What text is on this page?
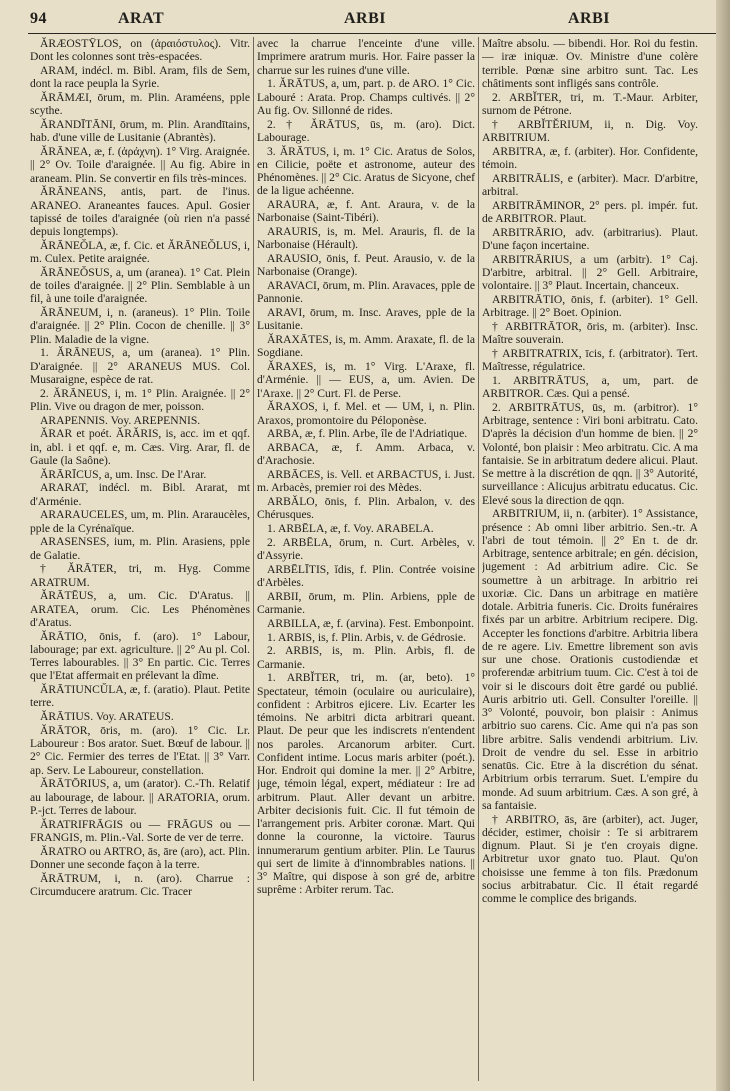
94	ARAT	ARBI	ARBI

ĂRÆOSTȲLOS, on (ἀραιόστυλος). Vitr. Dont les colonnes sont très-espacées.

ARAM, indécl. m. Bibl. Aram, fils de Sem, dont la race peupla la Syrie.

ĂRĀMÆI, ōrum, m. Plin. Araméens, pple scythe.

ĂRANDĪTĀNI, ōrum, m. Plin. Arandītains, hab. d'une ville de Lusitanie (Abrantès).

ĂRĀNEA, æ, f. (ἀράχνη). 1° Virg. Araignée. || 2° Ov. Toile d'araignée. || Au fig. Abire in araneam. Plin. Se convertir en fils très-minces.

ĂRĀNEANS, antis, part. de l'inus. ARANEO. Araneantes fauces. Apul. Gosier tapissé de toiles d'araignée (où rien n'a passé depuis longtemps).

ĂRĀNEŎLA, æ, f. Cic. et ĂRĀNEŎLUS, i, m. Culex. Petite araignée.

ĂRĀNEŎSUS, a, um (aranea). 1° Cat. Plein de toiles d'araignée. || 2° Plin. Semblable à un fil, à une toile d'araignée.

ĂRĀNEUM, i, n. (araneus). 1° Plin. Toile d'araignée. || 2° Plin. Cocon de chenille. || 3° Plin. Maladie de la vigne.

1. ĂRĀNEUS, a, um (aranea). 1° Plin. D'araignée. || 2° ARANEUS MUS. Col. Musaraigne, espèce de rat.

2. ĂRĀNEUS, i, m. 1° Plin. Araignée. || 2° Plin. Vive ou dragon de mer, poisson.

ARAPENNIS. Voy. AREPENNIS.

ĂRAR et poét. ĂRĂRIS, is, acc. im et qqf. in, abl. i et qqf. e, m. Cæs. Virg. Arar, fl. de Gaule (la Saône).

ĂRĀRĪCUS, a, um. Insc. De l'Arar.

ARARAT, indécl. m. Bibl. Ararat, mt d'Arménie.

ARARAUCELES, um, m. Plin. Araraucèles, pple de la Cyrénaïque.

ARASENSES, ium, m. Plin. Arasiens, pple de Galatie.

† ĂRĀTER, tri, m. Hyg. Comme ARATRUM.

ĂRĀTĒUS, a, um. Cic. D'Aratus. || ARATEA, orum. Cic. Les Phénomènes d'Aratus.

ĂRĀTIO, ōnis, f. (aro). 1° Labour, labourage; par ext. agriculture. || 2° Au pl. Col. Terres labourables. || 3° En partic. Cic. Terres que l'Etat affermait en prélevant la dîme.

ĂRĀTIUNCŬLA, æ, f. (aratio). Plaut. Petite terre.

ĂRĀTIUS. Voy. ARATEUS.

ĂRĀTOR, ōris, m. (aro). 1° Cic. Lr. Laboureur : Bos arator. Suet. Bœuf de labour. || 2° Cic. Fermier des terres de l'Etat. || 3° Varr. ap. Serv. Le Laboureur, constellation.

ĂRĀTŌRIUS, a, um (arator). C.-Th. Relatif au labourage, de labour. || ARATORIA, orum. P.-jct. Terres de labour.

ĂRATRIFRĀGIS ou — FRĀGUS ou — FRANGIS, m. Plin.-Val. Sorte de ver de terre.

ĂRATRO ou ARTRO, ās, āre (aro), act. Plin. Donner une seconde façon à la terre.

ĂRĀTRUM, i, n. (aro). Charrue : Circumducere aratrum. Cic. Tracer

avec la charrue l'enceinte d'une ville. Imprimere aratrum muris. Hor. Faire passer la charrue sur les ruines d'une ville.

1. ĂRĀTUS, a, um, part. p. de ARO. 1° Cic. Labouré : Arata. Prop. Champs cultivés. || 2° Au fig. Ov. Sillonné de rides.

2. † ĂRĀTUS, ūs, m. (aro). Dict. Labourage.

3. ĂRĀTUS, i, m. 1° Cic. Aratus de Solos, en Cilicie, poëte et astronome, auteur des Phénomènes. || 2° Cic. Aratus de Sicyone, chef de la ligue achéenne.

ARAURA, æ, f. Ant. Araura, v. de la Narbonaise (Saint-Tibéri).

ARAURIS, is, m. Mel. Arauris, fl. de la Narbonaise (Hérault).

ARAUSIO, ōnis, f. Peut. Arausio, v. de la Narbonaise (Orange).

ARAVACI, ōrum, m. Plin. Aravaces, pple de Pannonie.

ARAVI, ōrum, m. Insc. Araves, pple de la Lusitanie.

ĂRAXĀTES, is, m. Amm. Araxate, fl. de la Sogdiane.

ĂRAXES, is, m. 1° Virg. L'Araxe, fl. d'Arménie. || — EUS, a, um. Avien. De l'Araxe. || 2° Curt. Fl. de Perse.

ĂRAXOS, i, f. Mel. et — UM, i, n. Plin. Araxos, promontoire du Péloponèse.

ARBA, æ, f. Plin. Arbe, île de l'Adriatique.

ARBACA, æ, f. Amm. Arbaca, v. d'Arachosie.

ARBĀCES, is. Vell. et ARBACTUS, i. Just. m. Arbacès, premier roi des Mèdes.

ARBĂLO, ōnis, f. Plin. Arbalon, v. des Chérusques.

1. ARBĒLA, æ, f. Voy. ARABELA.

2. ARBĒLA, ōrum, n. Curt. Arbèles, v. d'Assyrie.

ARBĒLĪTIS, ĭdis, f. Plin. Contrée voisine d'Arbèles.

ARBII, ōrum, m. Plin. Arbiens, pple de Carmanie.

ARBILLA, æ, f. (arvina). Fest. Embonpoint.

1. ARBIS, is, f. Plin. Arbis, v. de Gédrosie.

2. ARBIS, is, m. Plin. Arbis, fl. de Carmanie.

1. ARBĬTER, tri, m. (ar, beto). 1° Spectateur, témoin (oculaire ou auriculaire), confident : Arbitros ejicere. Liv. Ecarter les témoins. Ne arbitri dicta arbitrari queant. Plaut. De peur que les indiscrets n'entendent nos paroles. Arcanorum arbiter. Curt. Confident intime. Locus maris arbiter (poét.). Hor. Endroit qui domine la mer. || 2° Arbitre, juge, témoin légal, expert, médiateur : Ire ad arbitrum. Plaut. Aller devant un arbitre. Arbiter decisionis fuit. Cic. Il fut témoin de l'arrangement pris. Arbiter coronæ. Mart. Qui donne la couronne, la victoire. Taurus innumerarum gentium arbiter. Plin. Le Taurus qui sert de limite à d'innombrables nations. || 3° Maître, qui dispose à son gré de, arbitre suprême : Arbiter rerum. Tac.

Maître absolu. — bibendi. Hor. Roi du festin. — iræ iniquæ. Ov. Ministre d'une colère terrible. Pœnæ sine arbitro sunt. Tac. Les châtiments sont infligés sans contrôle.

2. ARBĬTER, tri, m. T.-Maur. Arbiter, surnom de Pétrone.

† ARBĬTĔRIUM, ii, n. Dig. Voy. ARBITRIUM.

ARBITRA, æ, f. (arbiter). Hor. Confidente, témoin.

ARBITRĀLIS, e (arbiter). Macr. D'arbitre, arbitral.

ARBITRĀMINOR, 2° pers. pl. impér. fut. de ARBITROR. Plaut.

ARBITRĀRIO, adv. (arbitrarius). Plaut. D'une façon incertaine.

ARBITRĀRIUS, a um (arbitr). 1° Caj. D'arbitre, arbitral. || 2° Gell. Arbitraire, volontaire. || 3° Plaut. Incertain, chanceux.

ARBITRĀTIO, ōnis, f. (arbiter). 1° Gell. Arbitrage. || 2° Boet. Opinion.

† ARBITRĀTOR, ōris, m. (arbiter). Insc. Maître souverain.

† ARBITRATRIX, īcis, f. (arbitrator). Tert. Maîtresse, régulatrice.

1. ARBITRĀTUS, a, um, part. de ARBITROR. Cæs. Qui a pensé.

2. ARBITRĀTUS, ūs, m. (arbitror). 1° Arbitrage, sentence : Viri boni arbitratu. Cato. D'après la décision d'un homme de bien. || 2° Volonté, bon plaisir : Meo arbitratu. Cic. A ma fantaisie. Se in arbitratum dedere alicui. Plaut. Se mettre à la discrétion de qqn. || 3° Autorité, surveillance : Alicujus arbitratu educatus. Cic. Elevé sous la direction de qqn.

ARBITRIUM, ii, n. (arbiter). 1° Assistance, présence : Ab omni liber arbitrio. Sen.-tr. A l'abri de tout témoin. || 2° En t. de dr. Arbitrage, sentence arbitrale; en gén. décision, jugement : Ad arbitrium adire. Cic. Se soumettre à un arbitrage. In arbitrio rei uxoriæ. Cic. Dans un arbitrage en matière dotale. Arbitria funeris. Cic. Droits funéraires fixés par un arbitre. Arbitrium recipere. Dig. Accepter les fonctions d'arbitre. Arbitria libera de re agere. Liv. Emettre librement son avis sur une chose. Orationis custodiendæ et proferendæ arbitrium tuum. Cic. C'est à toi de voir si le discours doit être gardé ou publié. Auris arbitrio uti. Gell. Consulter l'oreille. || 3° Volonté, pouvoir, bon plaisir : Animus arbitrio suo carens. Cic. Ame qui n'a pas son libre arbitre. Salis vendendi arbitrium. Liv. Droit de vendre du sel. Esse in arbitrio senatūs. Cic. Etre à la discrétion du sénat. Arbitrium orbis terrarum. Suet. L'empire du monde. Ad suum arbitrium. Cæs. A son gré, à sa fantaisie.

† ARBITRO, ās, āre (arbiter), act. Juger, décider, estimer, choisir : Te si arbitrarem dignum. Plaut. Si je t'en croyais digne. Arbitretur uxor gnato tuo. Plaut. Qu'on choisisse une femme à ton fils. Prædonum socius arbitrabatur. Cic. Il était regardé comme le complice des brigands.
